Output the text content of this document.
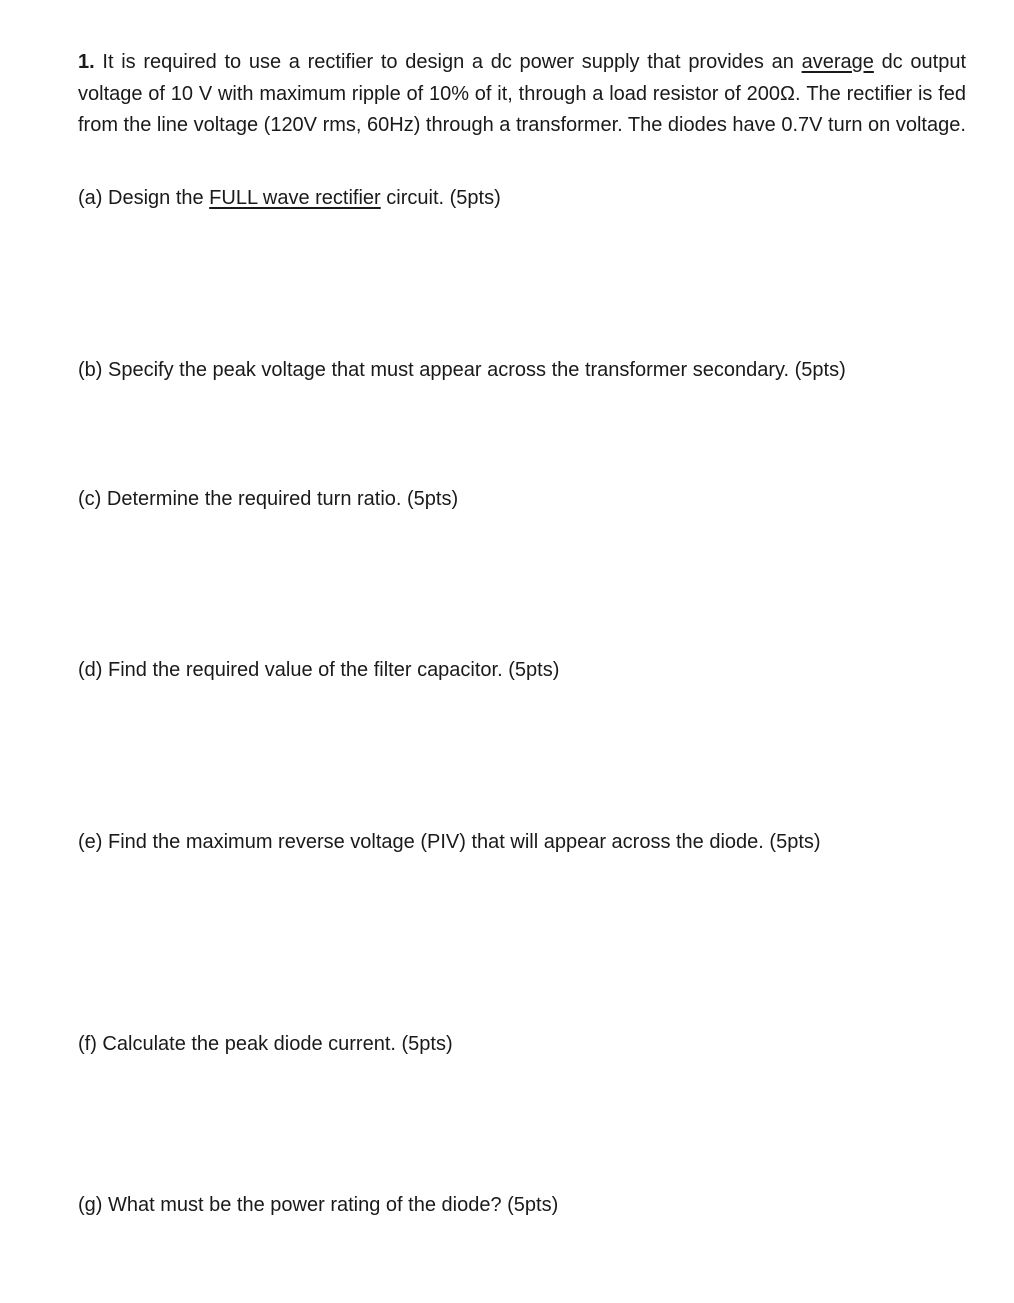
1. It is required to use a rectifier to design a dc power supply that provides an average dc output voltage of 10 V with maximum ripple of 10% of it, through a load resistor of 200Ω. The rectifier is fed from the line voltage (120V rms, 60Hz) through a transformer. The diodes have 0.7V turn on voltage.
(a) Design the FULL wave rectifier circuit. (5pts)
(b) Specify the peak voltage that must appear across the transformer secondary. (5pts)
(c) Determine the required turn ratio. (5pts)
(d) Find the required value of the filter capacitor. (5pts)
(e) Find the maximum reverse voltage (PIV) that will appear across the diode. (5pts)
(f) Calculate the peak diode current. (5pts)
(g) What must be the power rating of the diode? (5pts)
